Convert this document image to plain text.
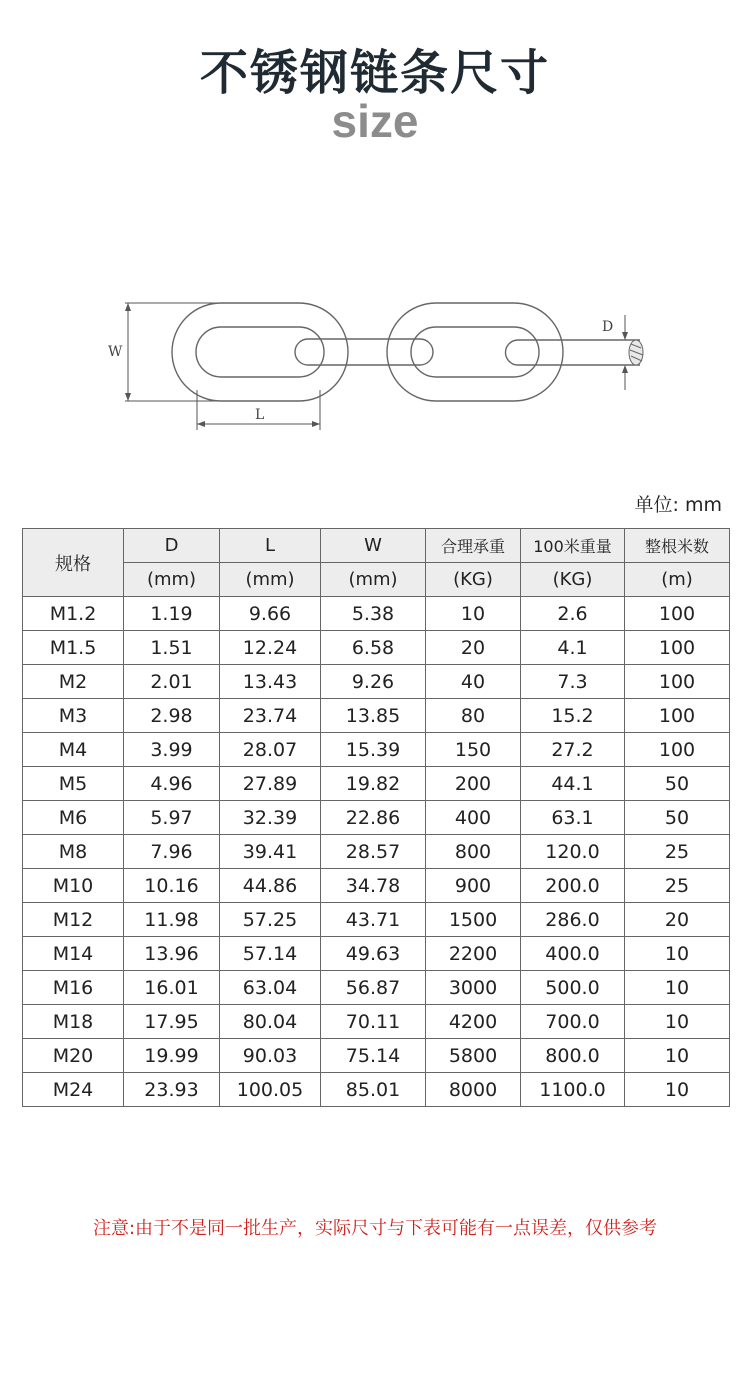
不锈钢链条尺寸
size
W
L
D
单位: mm
规格	D	L	W	合理承重	100米重量	整根米数
	(mm)	(mm)	(mm)	(KG)	(KG)	(m)
M1.2	1.19	9.66	5.38	10	2.6	100
M1.5	1.51	12.24	6.58	20	4.1	100
M2	2.01	13.43	9.26	40	7.3	100
M3	2.98	23.74	13.85	80	15.2	100
M4	3.99	28.07	15.39	150	27.2	100
M5	4.96	27.89	19.82	200	44.1	50
M6	5.97	32.39	22.86	400	63.1	50
M8	7.96	39.41	28.57	800	120.0	25
M10	10.16	44.86	34.78	900	200.0	25
M12	11.98	57.25	43.71	1500	286.0	20
M14	13.96	57.14	49.63	2200	400.0	10
M16	16.01	63.04	56.87	3000	500.0	10
M18	17.95	80.04	70.11	4200	700.0	10
M20	19.99	90.03	75.14	5800	800.0	10
M24	23.93	100.05	85.01	8000	1100.0	10
注意:由于不是同一批生产，实际尺寸与下表可能有一点误差，仅供参考
